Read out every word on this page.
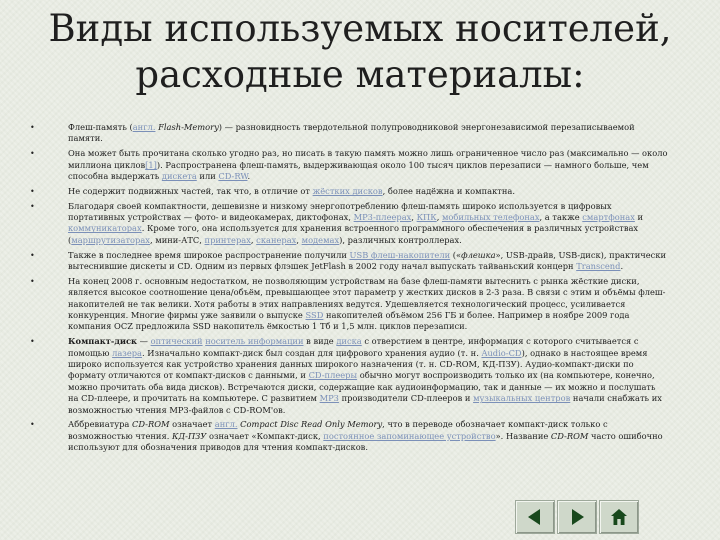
Виды используемых носителей,
расходные материалы:
•	Флеш-память (англ. Flash-Memory) — разновидность твердотельной полупроводниковой энергонезависимой перезаписываемой памяти.
•	Она может быть прочитана сколько угодно раз, но писать в такую память можно лишь ограниченное число раз (максимально — около миллиона циклов[1]). Распространена флеш-память, выдерживающая около 100 тысяч циклов перезаписи — намного больше, чем способна выдержать дискета или CD-RW.
•	Не содержит подвижных частей, так что, в отличие от жёстких дисков, более надёжна и компактна.
•	Благодаря своей компактности, дешевизне и низкому энергопотреблению флеш-память широко используется в цифровых портативных устройствах — фото- и видеокамерах, диктофонах, MP3-плеерах, КПК, мобильных телефонах, а также смартфонах и коммуникаторах. Кроме того, она используется для хранения встроенного программного обеспечения в различных устройствах (маршрутизаторах, мини-АТС, принтерах, сканерах, модемах), различных контроллерах.
•	Также в последнее время широкое распространение получили USB флеш-накопители («флешка», USB-драйв, USB-диск), практически вытеснившие дискеты и CD. Одним из первых флэшек JetFlash в 2002 году начал выпускать тайваньский концерн Transcend.
•	На конец 2008 г. основным недостатком, не позволяющим устройствам на базе флеш-памяти вытеснить с рынка жёсткие диски, является высокое соотношение цена/объём, превышающее этот параметр у жестких дисков в 2-3 раза. В связи с этим и объёмы флеш-накопителей не так велики. Хотя работы в этих направлениях ведутся. Удешевляется технологический процесс, усиливается конкуренция. Многие фирмы уже заявили о выпуске SSD накопителей объёмом 256 ГБ и более. Например в ноябре 2009 года компания OCZ предложила SSD накопитель ёмкостью 1 Тб и 1,5 млн. циклов перезаписи.
•	Компакт-диск — оптический носитель информации в виде диска с отверстием в центре, информация с которого считывается с помощью лазера. Изначально компакт-диск был создан для цифрового хранения аудио (т. н. Audio-CD), однако в настоящее время широко используется как устройство хранения данных широкого назначения (т. н. CD-ROM, КД-ПЗУ). Аудио-компакт-диски по формату отличаются от компакт-дисков с данными, и CD-плееры обычно могут воспроизводить только их (на компьютере, конечно, можно прочитать оба вида дисков). Встречаются диски, содержащие как аудиоинформацию, так и данные — их можно и послушать на CD-плеере, и прочитать на компьютере. С развитием MP3 производители CD-плееров и музыкальных центров начали снабжать их возможностью чтения MP3-файлов с CD-ROM'ов.
•	Аббревиатура CD-ROM означает англ. Compact Disc Read Only Memory, что в переводе обозначает компакт-диск только с возможностью чтения. КД-ПЗУ означает «Компакт-диск, постоянное запоминающее устройство». Название CD-ROM часто ошибочно используют для обозначения приводов для чтения компакт-дисков.
